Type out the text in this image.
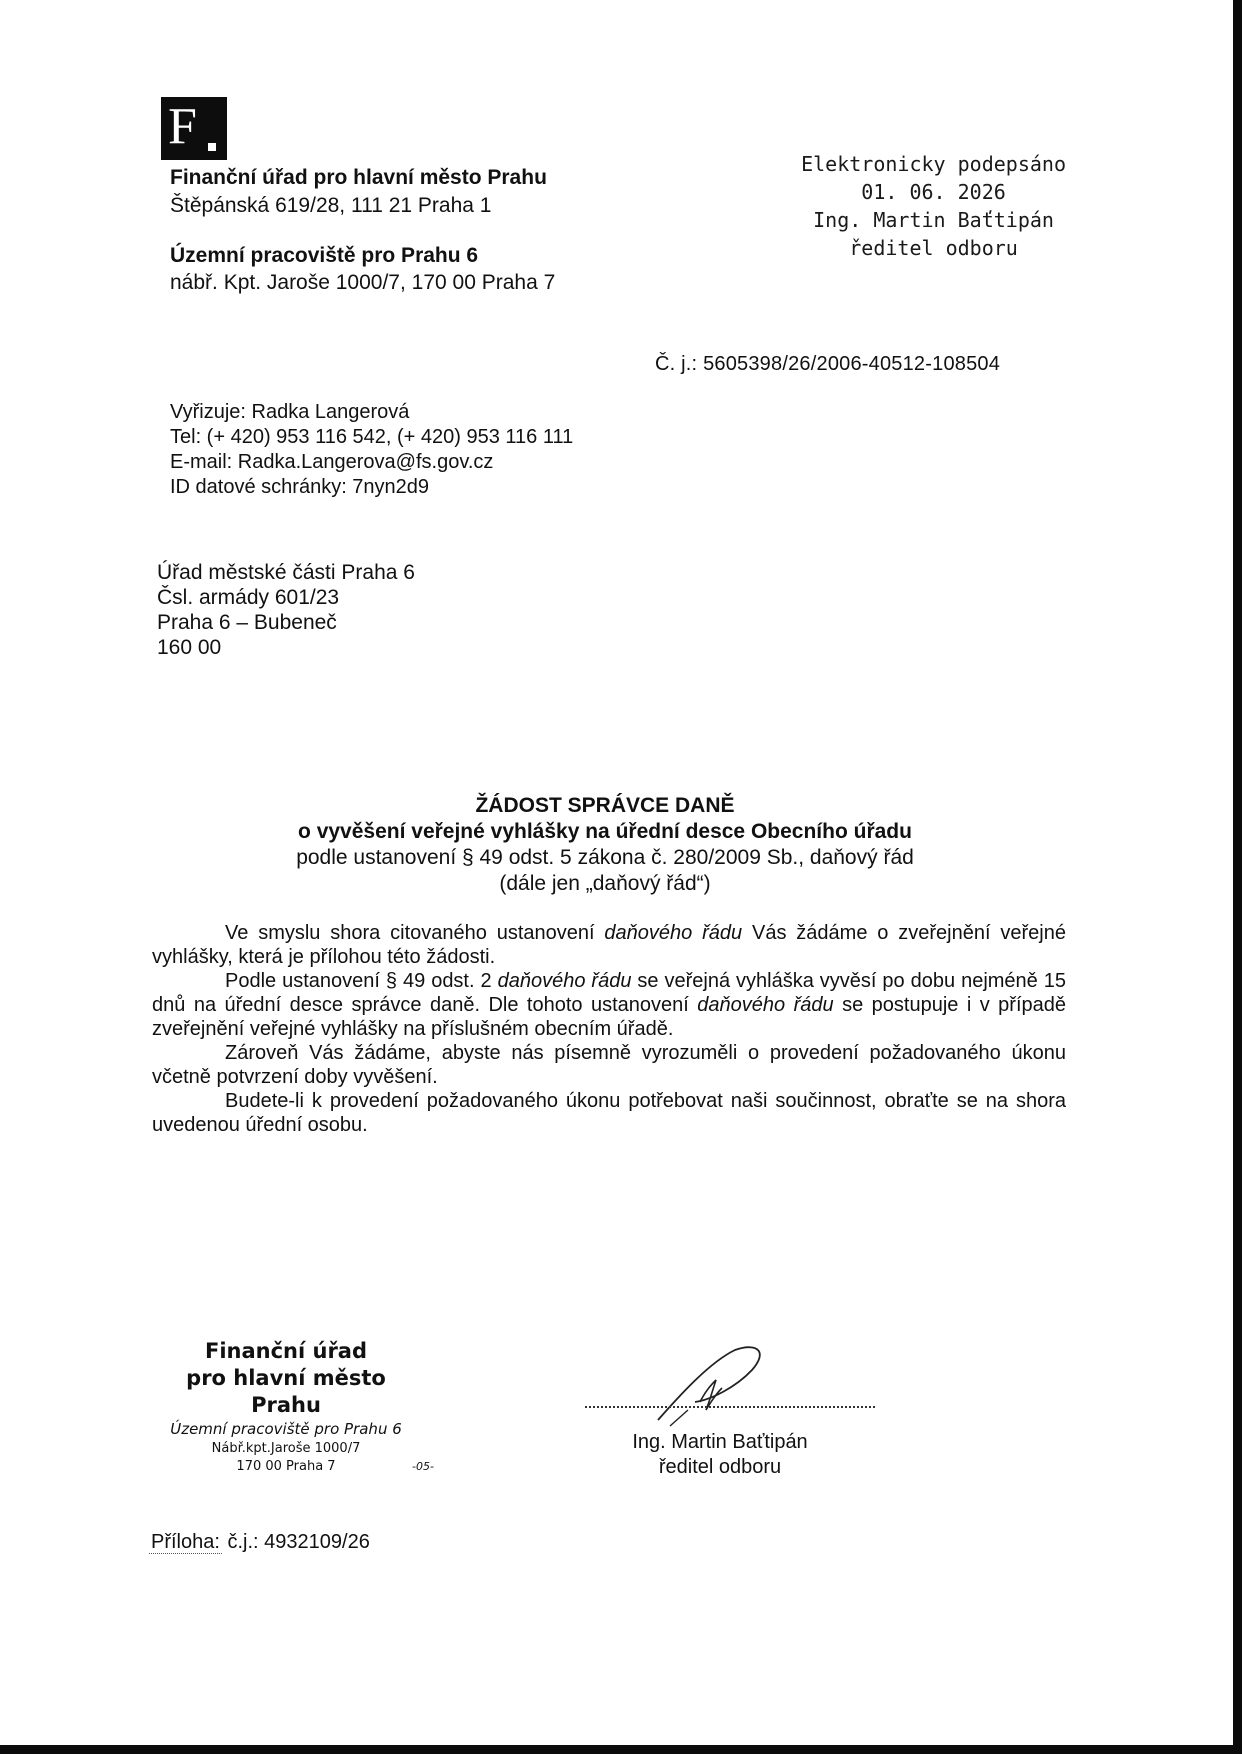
F
Finanční úřad pro hlavní město Prahu
Štěpánská 619/28, 111 21 Praha 1
Územní pracoviště pro Prahu 6
nábř. Kpt. Jaroše 1000/7, 170 00 Praha 7
Elektronicky podepsáno
01. 06. 2026
Ing. Martin Baťtipán
ředitel odboru
Č. j.: 5605398/26/2006-40512-108504
Vyřizuje: Radka Langerová
Tel: (+ 420) 953 116 542, (+ 420) 953 116 111
E-mail: Radka.Langerova@fs.gov.cz
ID datové schránky: 7nyn2d9
Úřad městské části Praha 6
Čsl. armády 601/23
Praha 6 – Bubeneč
160 00
ŽÁDOST SPRÁVCE DANĚ
o vyvěšení veřejné vyhlášky na úřední desce Obecního úřadu
podle ustanovení § 49 odst. 5 zákona č. 280/2009 Sb., daňový řád
(dále jen „daňový řád“)

Ve smyslu shora citovaného ustanovení daňového řádu Vás žádáme o zveřejnění veřejné vyhlášky, která je přílohou této žádosti.

Podle ustanovení § 49 odst. 2 daňového řádu se veřejná vyhláška vyvěsí po dobu nejméně 15 dnů na úřední desce správce daně. Dle tohoto ustanovení daňového řádu se postupuje i v případě zveřejnění veřejné vyhlášky na příslušném obecním úřadě.

Zároveň Vás žádáme, abyste nás písemně vyrozuměli o provedení požadovaného úkonu včetně potvrzení doby vyvěšení.

Budete-li k provedení požadovaného úkonu potřebovat naši součinnost, obraťte se na shora uvedenou úřední osobu.

Finanční úřad
pro hlavní město Prahu
Územní pracoviště pro Prahu 6
Nábř.kpt.Jaroše 1000/7
170 00 Praha 7	-05-
Ing. Martin Baťtipán
ředitel odboru
Příloha: č.j.: 4932109/26
